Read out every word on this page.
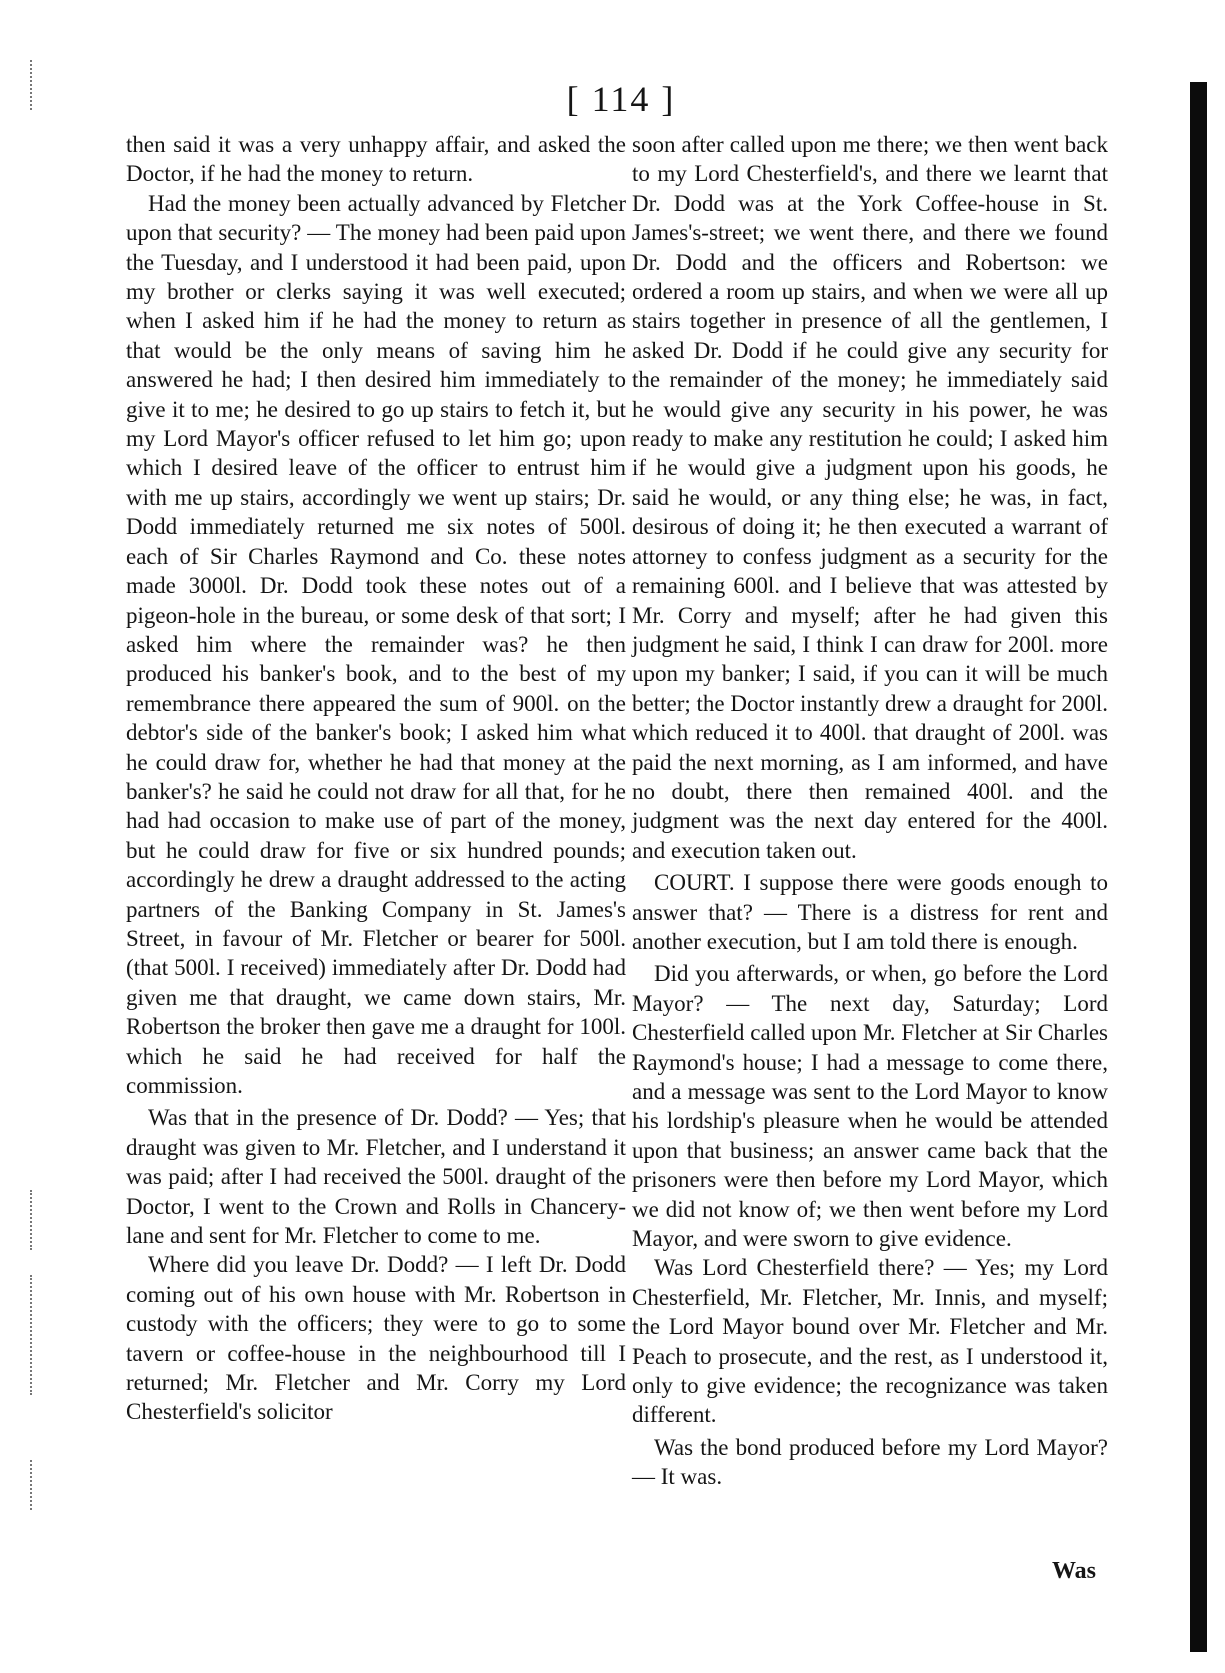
[ 114 ]

then said it was a very unhappy affair, and asked the Doctor, if he had the money to return.

Had the money been actually advanced by Fletcher upon that security? — The money had been paid upon the Tuesday, and I understood it had been paid, upon my brother or clerks saying it was well executed; when I asked him if he had the money to return as that would be the only means of saving him he answered he had; I then desired him immediately to give it to me; he desired to go up stairs to fetch it, but my Lord Mayor's officer refused to let him go; upon which I desired leave of the officer to entrust him with me up stairs, accordingly we went up stairs; Dr. Dodd immediately returned me six notes of 500l. each of Sir Charles Raymond and Co. these notes made 3000l. Dr. Dodd took these notes out of a pigeon-hole in the bureau, or some desk of that sort; I asked him where the remainder was? he then produced his banker's book, and to the best of my remembrance there appeared the sum of 900l. on the debtor's side of the banker's book; I asked him what he could draw for, whether he had that money at the banker's? he said he could not draw for all that, for he had had occasion to make use of part of the money, but he could draw for five or six hundred pounds; accordingly he drew a draught addressed to the acting partners of the Banking Company in St. James's Street, in favour of Mr. Fletcher or bearer for 500l. (that 500l. I received) immediately after Dr. Dodd had given me that draught, we came down stairs, Mr. Robertson the broker then gave me a draught for 100l. which he said he had received for half the commission.

Was that in the presence of Dr. Dodd? — Yes; that draught was given to Mr. Fletcher, and I understand it was paid; after I had received the 500l. draught of the Doctor, I went to the Crown and Rolls in Chancery-lane and sent for Mr. Fletcher to come to me.

Where did you leave Dr. Dodd? — I left Dr. Dodd coming out of his own house with Mr. Robertson in custody with the officers; they were to go to some tavern or coffee-house in the neighbourhood till I returned; Mr. Fletcher and Mr. Corry my Lord Chesterfield's solicitor

soon after called upon me there; we then went back to my Lord Chesterfield's, and there we learnt that Dr. Dodd was at the York Coffee-house in St. James's-street; we went there, and there we found Dr. Dodd and the officers and Robertson: we ordered a room up stairs, and when we were all up stairs together in presence of all the gentlemen, I asked Dr. Dodd if he could give any security for the remainder of the money; he immediately said he would give any security in his power, he was ready to make any restitution he could; I asked him if he would give a judgment upon his goods, he said he would, or any thing else; he was, in fact, desirous of doing it; he then executed a warrant of attorney to confess judgment as a security for the remaining 600l. and I believe that was attested by Mr. Corry and myself; after he had given this judgment he said, I think I can draw for 200l. more upon my banker; I said, if you can it will be much better; the Doctor instantly drew a draught for 200l. which reduced it to 400l. that draught of 200l. was paid the next morning, as I am informed, and have no doubt, there then remained 400l. and the judgment was the next day entered for the 400l. and execution taken out.

COURT. I suppose there were goods enough to answer that? — There is a distress for rent and another execution, but I am told there is enough.

Did you afterwards, or when, go before the Lord Mayor? — The next day, Saturday; Lord Chesterfield called upon Mr. Fletcher at Sir Charles Raymond's house; I had a message to come there, and a message was sent to the Lord Mayor to know his lordship's pleasure when he would be attended upon that business; an answer came back that the prisoners were then before my Lord Mayor, which we did not know of; we then went before my Lord Mayor, and were sworn to give evidence.

Was Lord Chesterfield there? — Yes; my Lord Chesterfield, Mr. Fletcher, Mr. Innis, and myself; the Lord Mayor bound over Mr. Fletcher and Mr. Peach to prosecute, and the rest, as I understood it, only to give evidence; the recognizance was taken different.

Was the bond produced before my Lord Mayor? — It was.

Was
